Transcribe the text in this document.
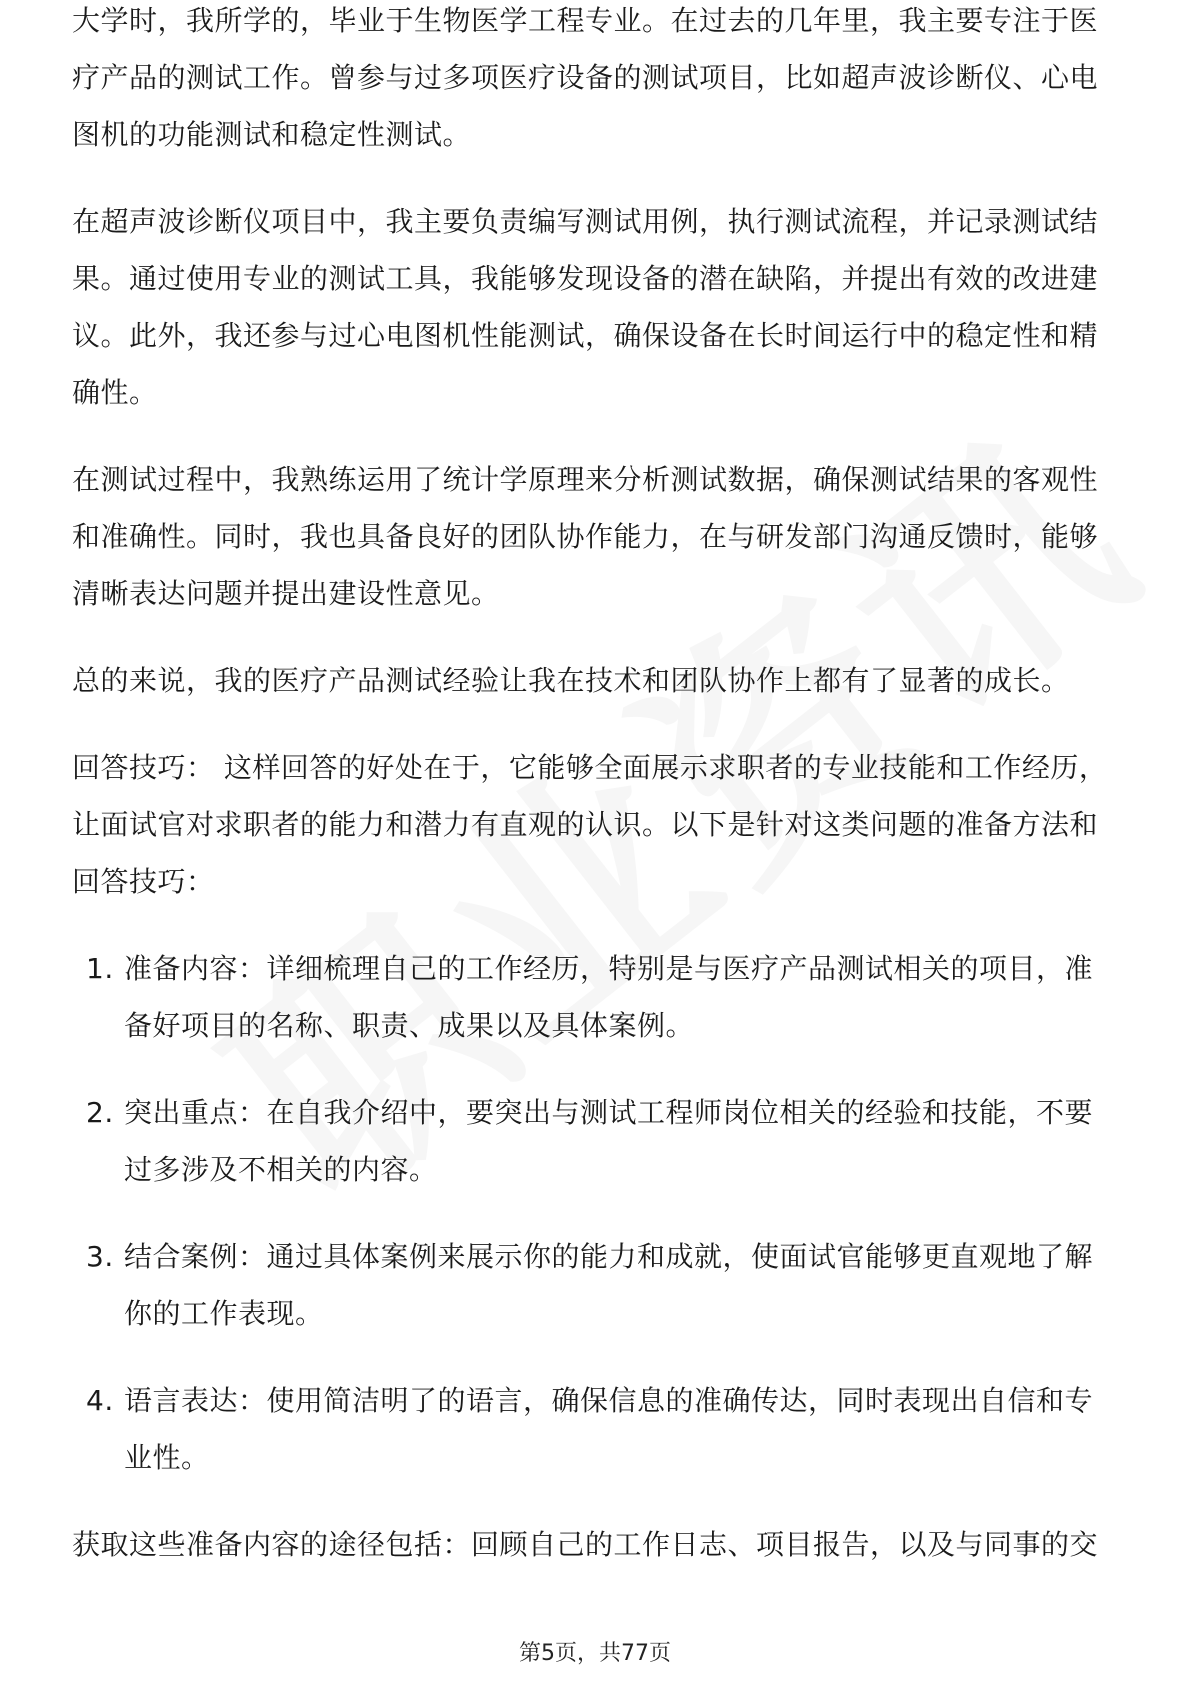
大学时，我所学的，毕业于生物医学工程专业。在过去的几年里，我主要专注于医疗产品的测试工作。曾参与过多项医疗设备的测试项目，比如超声波诊断仪、心电图机的功能测试和稳定性测试。

在超声波诊断仪项目中，我主要负责编写测试用例，执行测试流程，并记录测试结果。通过使用专业的测试工具，我能够发现设备的潜在缺陷，并提出有效的改进建议。此外，我还参与过心电图机性能测试，确保设备在长时间运行中的稳定性和精确性。

在测试过程中，我熟练运用了统计学原理来分析测试数据，确保测试结果的客观性和准确性。同时，我也具备良好的团队协作能力，在与研发部门沟通反馈时，能够清晰表达问题并提出建设性意见。

总的来说，我的医疗产品测试经验让我在技术和团队协作上都有了显著的成长。

回答技巧： 这样回答的好处在于，它能够全面展示求职者的专业技能和工作经历，让面试官对求职者的能力和潜力有直观的认识。以下是针对这类问题的准备方法和回答技巧：

1. 准备内容：详细梳理自己的工作经历，特别是与医疗产品测试相关的项目，准备好项目的名称、职责、成果以及具体案例。
2. 突出重点：在自我介绍中，要突出与测试工程师岗位相关的经验和技能，不要过多涉及不相关的内容。
3. 结合案例：通过具体案例来展示你的能力和成就，使面试官能够更直观地了解你的工作表现。
4. 语言表达：使用简洁明了的语言，确保信息的准确传达，同时表现出自信和专业性。

获取这些准备内容的途径包括：回顾自己的工作日志、项目报告，以及与同事的交

第5页，共77页
